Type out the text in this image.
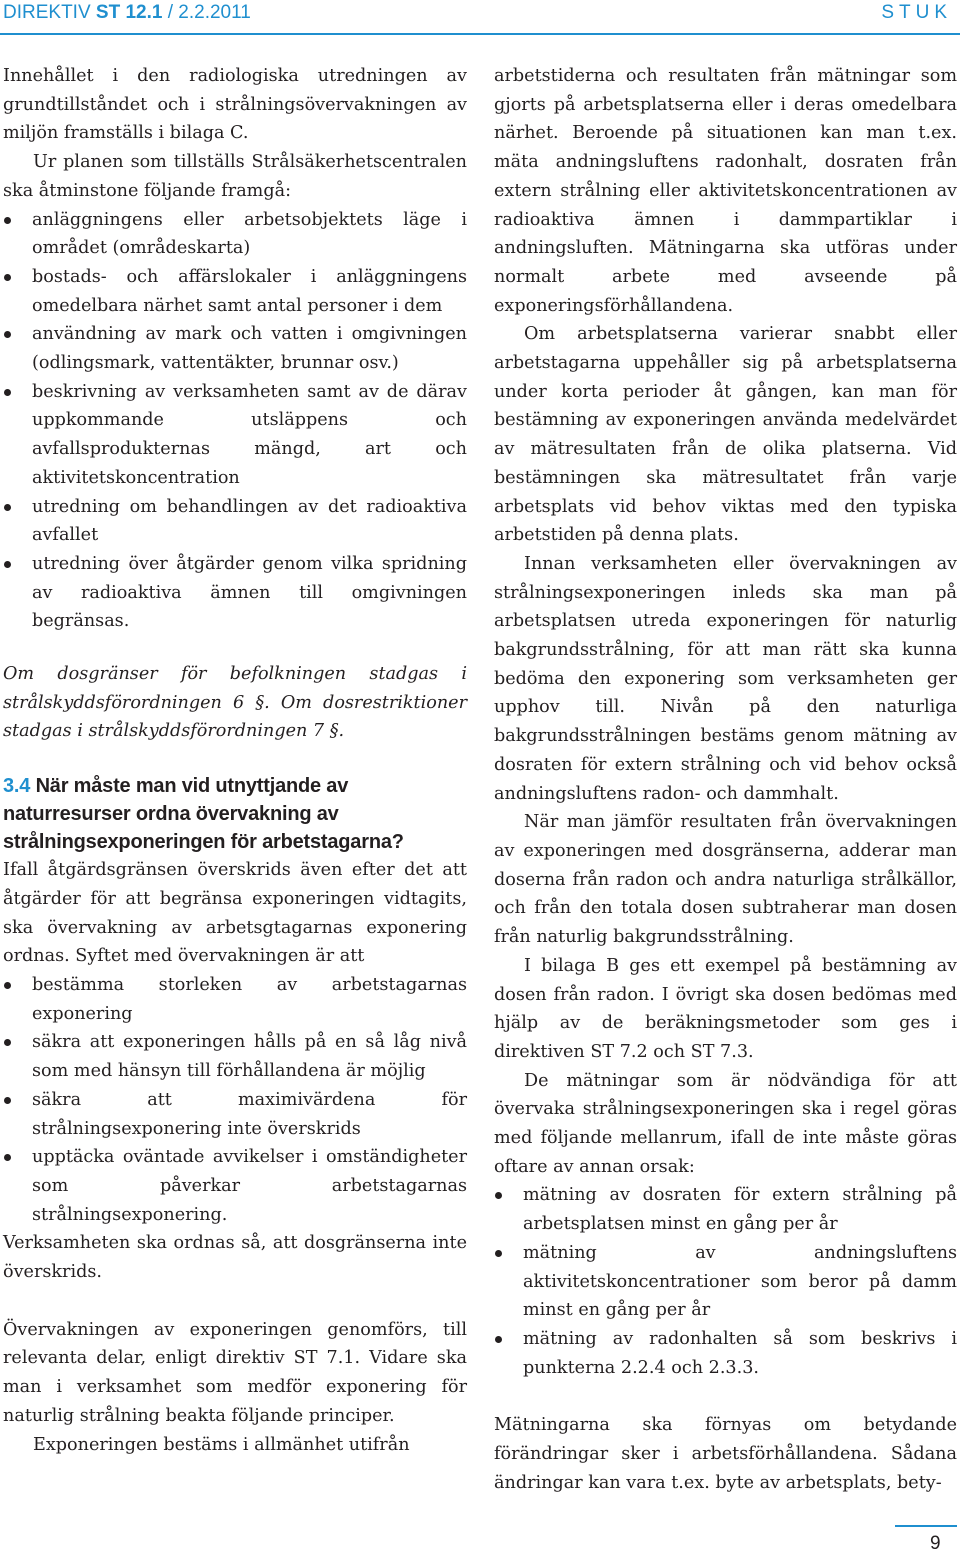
DIREKTIV ST 12.1 / 2.2.2011	STUK

Innehållet i den radiologiska utredningen av grundtillståndet och i strålningsövervakningen av miljön framställs i bilaga C.

Ur planen som tillställs Strålsäkerhetscentralen ska åtminstone följande framgå:

anläggningens eller arbetsobjektets läge i området (områdeskarta)
bostads- och affärslokaler i anläggningens omedelbara närhet samt antal personer i dem
användning av mark och vatten i omgivningen (odlingsmark, vattentäkter, brunnar osv.)
beskrivning av verksamheten samt av de därav uppkommande utsläppens och avfallsprodukternas mängd, art och aktivitetskoncentration
utredning om behandlingen av det radioaktiva avfallet
utredning över åtgärder genom vilka spridning av radioaktiva ämnen till omgivningen begränsas.

Om dosgränser för befolkningen stadgas i strålskyddsförordningen 6 §. Om dosrestriktioner stadgas i strålskyddsförordningen 7 §.

3.4 När måste man vid utnyttjande av naturresurser ordna övervakning av strålningsexponeringen för arbetstagarna?

Ifall åtgärdsgränsen överskrids även efter det att åtgärder för att begränsa exponeringen vidtagits, ska övervakning av arbetsgtagarnas exponering ordnas. Syftet med övervakningen är att

bestämma storleken av arbetstagarnas exponering
säkra att exponeringen hålls på en så låg nivå som med hänsyn till förhållandena är möjlig
säkra att maximivärdena för strålningsexponering inte överskrids
upptäcka oväntade avvikelser i omständigheter som påverkar arbetstagarnas strålningsexponering.

Verksamheten ska ordnas så, att dosgränserna inte överskrids.

Övervakningen av exponeringen genomförs, till relevanta delar, enligt direktiv ST 7.1. Vidare ska man i verksamhet som medför exponering för naturlig strålning beakta följande principer.

Exponeringen bestäms i allmänhet utifrån

arbetstiderna och resultaten från mätningar som gjorts på arbetsplatserna eller i deras omedelbara närhet. Beroende på situationen kan man t.ex. mäta andningsluftens radonhalt, dosraten från extern strålning eller aktivitetskoncentrationen av radioaktiva ämnen i dammpartiklar i andningsluften. Mätningarna ska utföras under normalt arbete med avseende på exponeringsförhållandena.

Om arbetsplatserna varierar snabbt eller arbetstagarna uppehåller sig på arbetsplatserna under korta perioder åt gången, kan man för bestämning av exponeringen använda medelvärdet av mätresultaten från de olika platserna. Vid bestämningen ska mätresultatet från varje arbetsplats vid behov viktas med den typiska arbetstiden på denna plats.

Innan verksamheten eller övervakningen av strålningsexponeringen inleds ska man på arbetsplatsen utreda exponeringen för naturlig bakgrundsstrålning, för att man rätt ska kunna bedöma den exponering som verksamheten ger upphov till. Nivån på den naturliga bakgrundsstrålningen bestäms genom mätning av dosraten för extern strålning och vid behov också andningsluftens radon- och dammhalt.

När man jämför resultaten från övervakningen av exponeringen med dosgränserna, adderar man doserna från radon och andra naturliga strålkällor, och från den totala dosen subtraherar man dosen från naturlig bakgrundsstrålning.

I bilaga B ges ett exempel på bestämning av dosen från radon. I övrigt ska dosen bedömas med hjälp av de beräkningsmetoder som ges i direktiven ST 7.2 och ST 7.3.

De mätningar som är nödvändiga för att övervaka strålningsexponeringen ska i regel göras med följande mellanrum, ifall de inte måste göras oftare av annan orsak:

mätning av dosraten för extern strålning på arbetsplatsen minst en gång per år
mätning av andningsluftens aktivitetskoncentrationer som beror på damm minst en gång per år
mätning av radonhalten så som beskrivs i punkterna 2.2.4 och 2.3.3.

Mätningarna ska förnyas om betydande förändringar sker i arbetsförhållandena. Sådana ändringar kan vara t.ex. byte av arbetsplats, bety-

9
